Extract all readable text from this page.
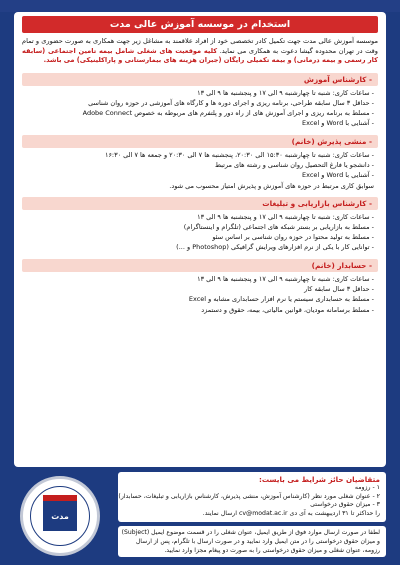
استخدام در موسسه آموزش عالی مدت
موسسه آموزش عالی مدت جهت تکمیل کادر تخصصی خود از افراد علاقمند به مشاغل زیر جهت همکاری به صورت حضوری و تمام وقت در تهران محدوده گیشا دعوت به همکاری می نماید. کلیه موقعیت های شغلی شامل بیمه تامین اجتماعی (سابقه کار رسمی و بیمه درمانی) و بیمه تکمیلی رایگان (جبران هزینه های بیمارستانی و پاراکلینیکی) می باشد.
- کارشناس آموزش
- ساعات کاری: شنبه تا چهارشنبه ۹ الی ۱۷ و پنجشنبه ها ۹ الی ۱۳
- حداقل ۳ سال سابقه طراحی، برنامه ریزی و اجرای دوره ها و کارگاه های آموزشی در حوزه روان شناسی
- مسلط به برنامه ریزی و اجرای آموزش های از راه دور و پلتفرم های مربوطه به خصوص Adobe Connect
- آشنایی با Word و Excel
- منشی پذیرش (خانم)
- ساعات کاری: شنبه تا چهارشنبه ۱۵:۳۰ الی ۲۰:۳۰، پنجشنبه ها ۷ الی ۲۰:۳۰ و جمعه ها ۷ الی ۱۶:۳۰
- دانشجو یا فارغ التحصیل روان شناسی و رشته های مرتبط
- آشنایی با Word و Excel
سوابق کاری مرتبط در حوزه های آموزش و پذیرش امتیاز محسوب می شود.
- کارشناس بازاریابی و تبلیغات
- ساعات کاری: شنبه تا چهارشنبه ۹ الی ۱۷ و پنجشنبه ها ۹ الی ۱۳
- مسلط به بازاریابی بر بستر شبکه های اجتماعی (تلگرام و اینستاگرام)
- مسلط به تولید محتوا در حوزه روان شناسی بر اساس سئو
- توانایی کار با یکی از نرم افزارهای ویرایش گرافیکی (Photoshop و ...)
- حسابدار (خانم)
- ساعات کاری: شنبه تا چهارشنبه ۹ الی ۱۷ و پنجشنبه ها ۹ الی ۱۳
- حداقل ۳ سال سابقه کار
- مسلط به حسابداری سیستم یا نرم افزار حسابداری مشابه و Excel
- مسلط برسامانه مودیان، قوانین مالیاتی، بیمه، حقوق و دستمزد
متقاضیان حائز شرایط می بایست:
۱ - رزومه
۲ - عنوان شغلی مورد نظر (کارشناس آموزش، منشی پذیرش، کارشناس بازاریابی و تبلیغات، حسابدار)
۳ - میزان حقوق درخواستی
را حداکثر تا ۳۱ اردیبهشت به آی دی cv@modat.ac.ir ارسال نمایند.
لطفا در صورت ارسال موارد فوق از طریق ایمیل، عنوان شغلی را در قسمت موضوع ایمیل (Subject)
و میزان حقوق درخواستی را در متن ایمیل وارد نمایید و در صورت ارسال با تلگرام، پس از ارسال
رزومه، عنوان شغلی و میزان حقوق درخواستی را به صورت دو پیغام مجزا وارد نمایید.
مدت
